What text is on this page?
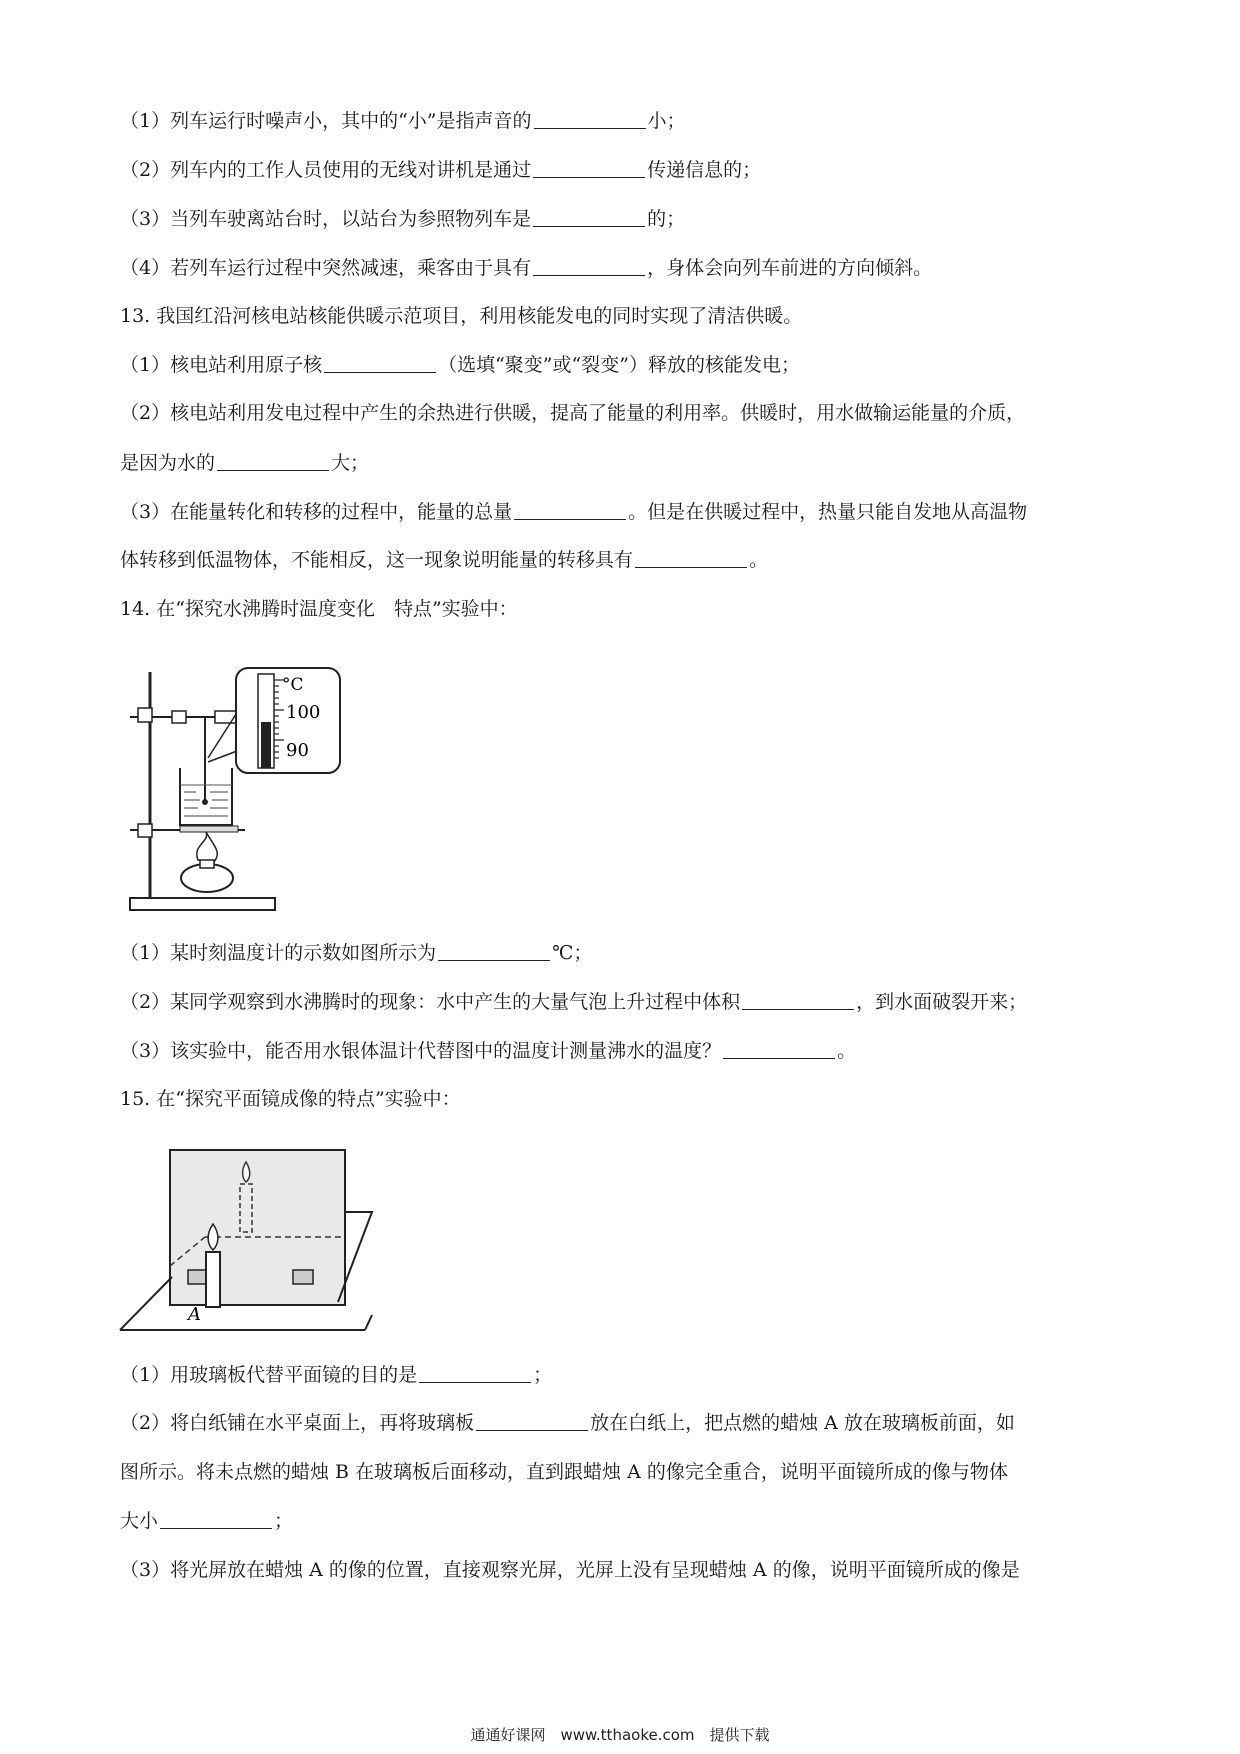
（1）列车运行时噪声小，其中的“小”是指声音的	小；
（2）列车内的工作人员使用的无线对讲机是通过	传递信息的；
（3）当列车驶离站台时，以站台为参照物列车是	的；
（4）若列车运行过程中突然减速，乘客由于具有	，身体会向列车前进的方向倾斜。
13. 我国红沿河核电站核能供暖示范项目，利用核能发电的同时实现了清洁供暖。
（1）核电站利用原子核	（选填“聚变”或“裂变”）释放的核能发电；
（2）核电站利用发电过程中产生的余热进行供暖，提高了能量的利用率。供暖时，用水做输运能量的介质，
是因为水的	大；
（3）在能量转化和转移的过程中，能量的总量	。但是在供暖过程中，热量只能自发地从高温物
体转移到低温物体，不能相反，这一现象说明能量的转移具有	。
14. 在“探究水沸腾时温度变化　特点”实验中：
°C
100
90
（1）某时刻温度计的示数如图所示为	℃；
（2）某同学观察到水沸腾时的现象：水中产生的大量气泡上升过程中体积	，到水面破裂开来；
（3）该实验中，能否用水银体温计代替图中的温度计测量沸水的温度？	。
15. 在“探究平面镜成像的特点”实验中：
A
（1）用玻璃板代替平面镜的目的是	；
（2）将白纸铺在水平桌面上，再将玻璃板	放在白纸上，把点燃的蜡烛 A 放在玻璃板前面，如
图所示。将未点燃的蜡烛 B 在玻璃板后面移动，直到跟蜡烛 A 的像完全重合，说明平面镜所成的像与物体
大小	；
（3）将光屏放在蜡烛 A 的像的位置，直接观察光屏，光屏上没有呈现蜡烛 A 的像，说明平面镜所成的像是
通通好课网　www.tthaoke.com　提供下载
